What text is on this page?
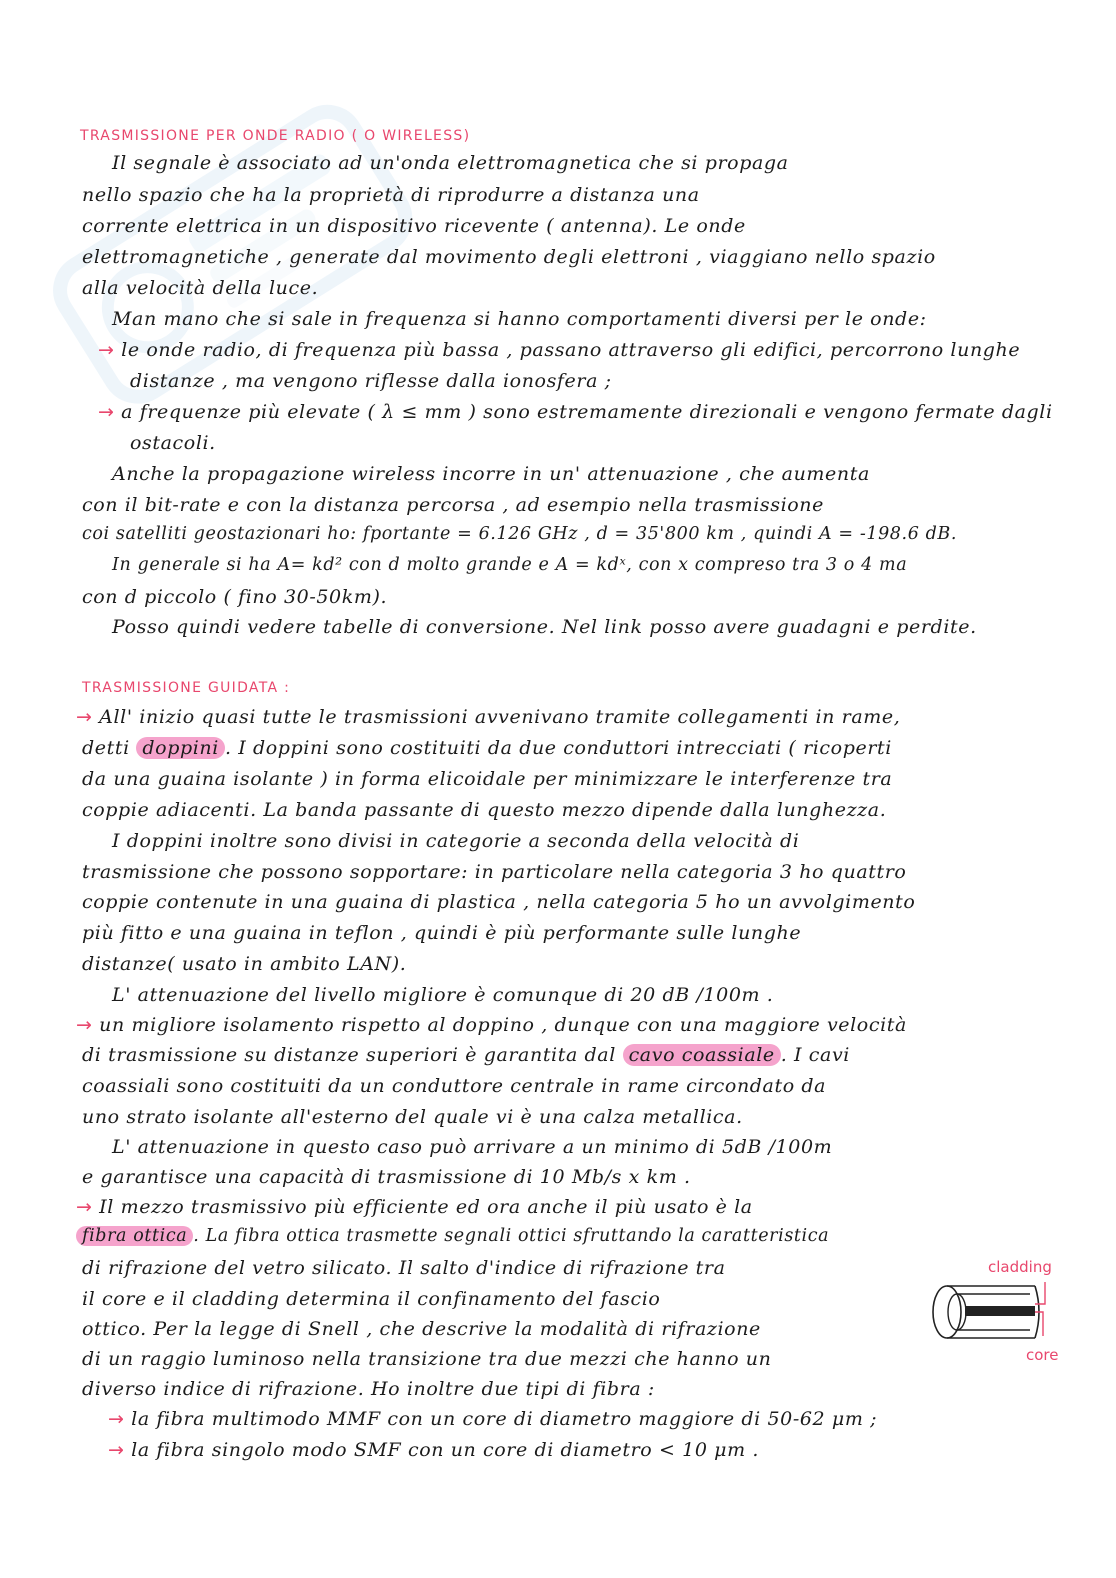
TRASMISSIONE PER ONDE RADIO ( O WIRELESS)
Il segnale è associato ad un'onda elettromagnetica che si propaga
nello spazio che ha la proprietà di riprodurre a distanza una
corrente elettrica in un dispositivo ricevente ( antenna). Le onde
elettromagnetiche , generate dal movimento degli elettroni , viaggiano nello spazio
alla velocità della luce.
Man mano che si sale in frequenza si hanno comportamenti diversi per le onde:
→ le onde radio, di frequenza più bassa , passano attraverso gli edifici, percorrono lunghe
distanze , ma vengono riflesse dalla ionosfera ;
→ a frequenze più elevate ( λ ≤ mm ) sono estremamente direzionali e vengono fermate dagli
ostacoli.
Anche la propagazione wireless incorre in un' attenuazione , che aumenta
con il bit-rate e con la distanza percorsa , ad esempio nella trasmissione
coi satelliti geostazionari ho: fportante = 6.126 GHz , d = 35'800 km , quindi A = -198.6 dB.
In generale si ha A= kd² con d molto grande e A = kdˣ, con x compreso tra 3 o 4 ma
con d piccolo ( fino 30-50km).
Posso quindi vedere tabelle di conversione. Nel link posso avere guadagni e perdite.
TRASMISSIONE GUIDATA :
→ All' inizio quasi tutte le trasmissioni avvenivano tramite collegamenti in rame,
detti doppini . I doppini sono costituiti da due conduttori intrecciati ( ricoperti
da una guaina isolante ) in forma elicoidale per minimizzare le interferenze tra
coppie adiacenti. La banda passante di questo mezzo dipende dalla lunghezza.
I doppini inoltre sono divisi in categorie a seconda della velocità di
trasmissione che possono sopportare: in particolare nella categoria 3 ho quattro
coppie contenute in una guaina di plastica , nella categoria 5 ho un avvolgimento
più fitto e una guaina in teflon , quindi è più performante sulle lunghe
distanze( usato in ambito LAN).
L' attenuazione del livello migliore è comunque di 20 dB /100m .
→ un migliore isolamento rispetto al doppino , dunque con una maggiore velocità
di trasmissione su distanze superiori è garantita dal cavo coassiale . I cavi
coassiali sono costituiti da un conduttore centrale in rame circondato da
uno strato isolante all'esterno del quale vi è una calza metallica.
L' attenuazione in questo caso può arrivare a un minimo di 5dB /100m
e garantisce una capacità di trasmissione di 10 Mb/s x km .
→ Il mezzo trasmissivo più efficiente ed ora anche il più usato è la
fibra ottica . La fibra ottica trasmette segnali ottici sfruttando la caratteristica
di rifrazione del vetro silicato. Il salto d'indice di rifrazione tra
il core e il cladding determina il confinamento del fascio
ottico. Per la legge di Snell , che descrive la modalità di rifrazione
di un raggio luminoso nella transizione tra due mezzi che hanno un
diverso indice di rifrazione. Ho inoltre due tipi di fibra :
→ la fibra multimodo MMF con un core di diametro maggiore di 50-62 μm ;
→ la fibra singolo modo SMF con un core di diametro < 10 μm .
cladding
core
